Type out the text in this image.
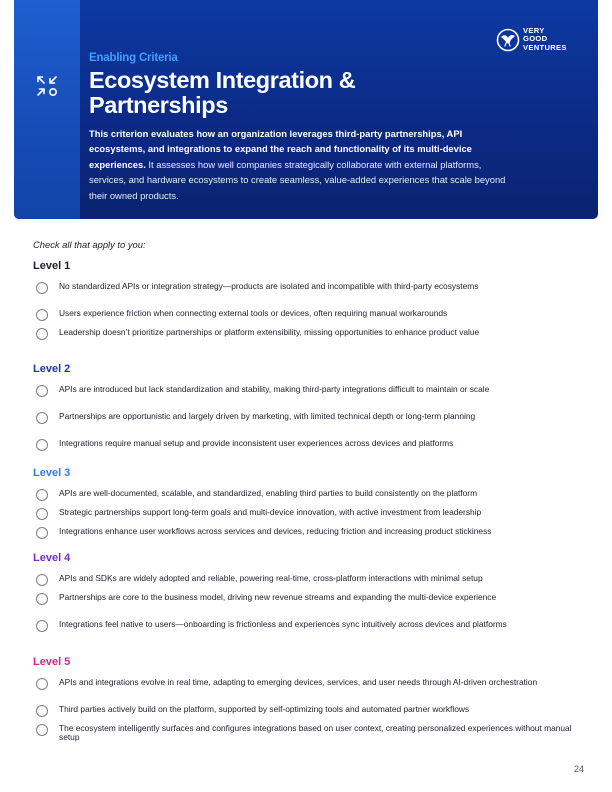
Enabling Criteria
Ecosystem Integration & Partnerships
This criterion evaluates how an organization leverages third-party partnerships, API ecosystems, and integrations to expand the reach and functionality of its multi-device experiences. It assesses how well companies strategically collaborate with external platforms, services, and hardware ecosystems to create seamless, value-added experiences that scale beyond their owned products.
VERY
GOOD
VENTURES
Check all that apply to you:
Level 1
No standardized APIs or integration strategy—products are isolated and incompatible with third-party ecosystems
Users experience friction when connecting external tools or devices, often requiring manual workarounds
Leadership doesn’t prioritize partnerships or platform extensibility, missing opportunities to enhance product value
Level 2
APIs are introduced but lack standardization and stability, making third-party integrations difficult to maintain or scale
Partnerships are opportunistic and largely driven by marketing, with limited technical depth or long-term planning
Integrations require manual setup and provide inconsistent user experiences across devices and platforms
Level 3
APIs are well-documented, scalable, and standardized, enabling third parties to build consistently on the platform
Strategic partnerships support long-term goals and multi-device innovation, with active investment from leadership
Integrations enhance user workflows across services and devices, reducing friction and increasing product stickiness
Level 4
APIs and SDKs are widely adopted and reliable, powering real-time, cross-platform interactions with minimal setup
Partnerships are core to the business model, driving new revenue streams and expanding the multi-device experience
Integrations feel native to users—onboarding is frictionless and experiences sync intuitively across devices and platforms
Level 5
APIs and integrations evolve in real time, adapting to emerging devices, services, and user needs through AI-driven orchestration
Third parties actively build on the platform, supported by self-optimizing tools and automated partner workflows
The ecosystem intelligently surfaces and configures integrations based on user context, creating personalized experiences without manual setup
24
